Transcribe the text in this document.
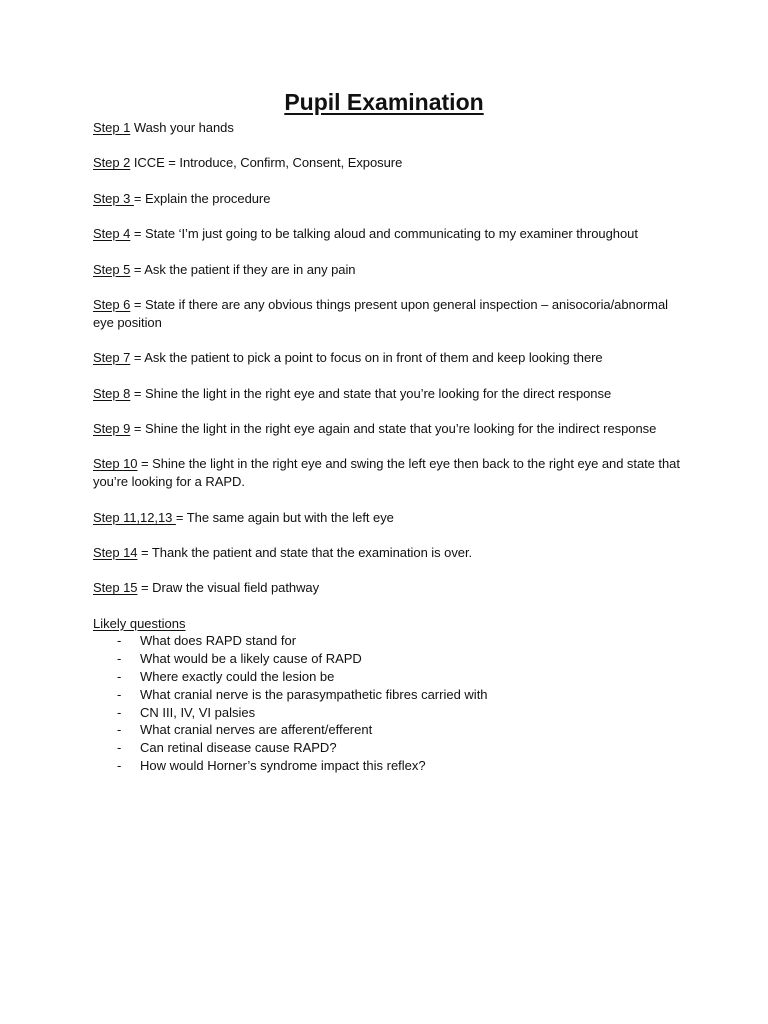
Pupil Examination

Step 1 Wash your hands

Step 2 ICCE = Introduce, Confirm, Consent, Exposure

Step 3 = Explain the procedure

Step 4 = State ‘I’m just going to be talking aloud and communicating to my examiner throughout

Step 5 = Ask the patient if they are in any pain

Step 6 = State if there are any obvious things present upon general inspection – anisocoria/abnormal eye position

Step 7 = Ask the patient to pick a point to focus on in front of them and keep looking there

Step 8 = Shine the light in the right eye and state that you’re looking for the direct response

Step 9 = Shine the light in the right eye again and state that you’re looking for the indirect response

Step 10 = Shine the light in the right eye and swing the left eye then back to the right eye and state that you’re looking for a RAPD.

Step 11,12,13 = The same again but with the left eye

Step 14 = Thank the patient and state that the examination is over.

Step 15 = Draw the visual field pathway

Likely questions

- What does RAPD stand for
- What would be a likely cause of RAPD
- Where exactly could the lesion be
- What cranial nerve is the parasympathetic fibres carried with
- CN III, IV, VI palsies
- What cranial nerves are afferent/efferent
- Can retinal disease cause RAPD?
- How would Horner’s syndrome impact this reflex?
